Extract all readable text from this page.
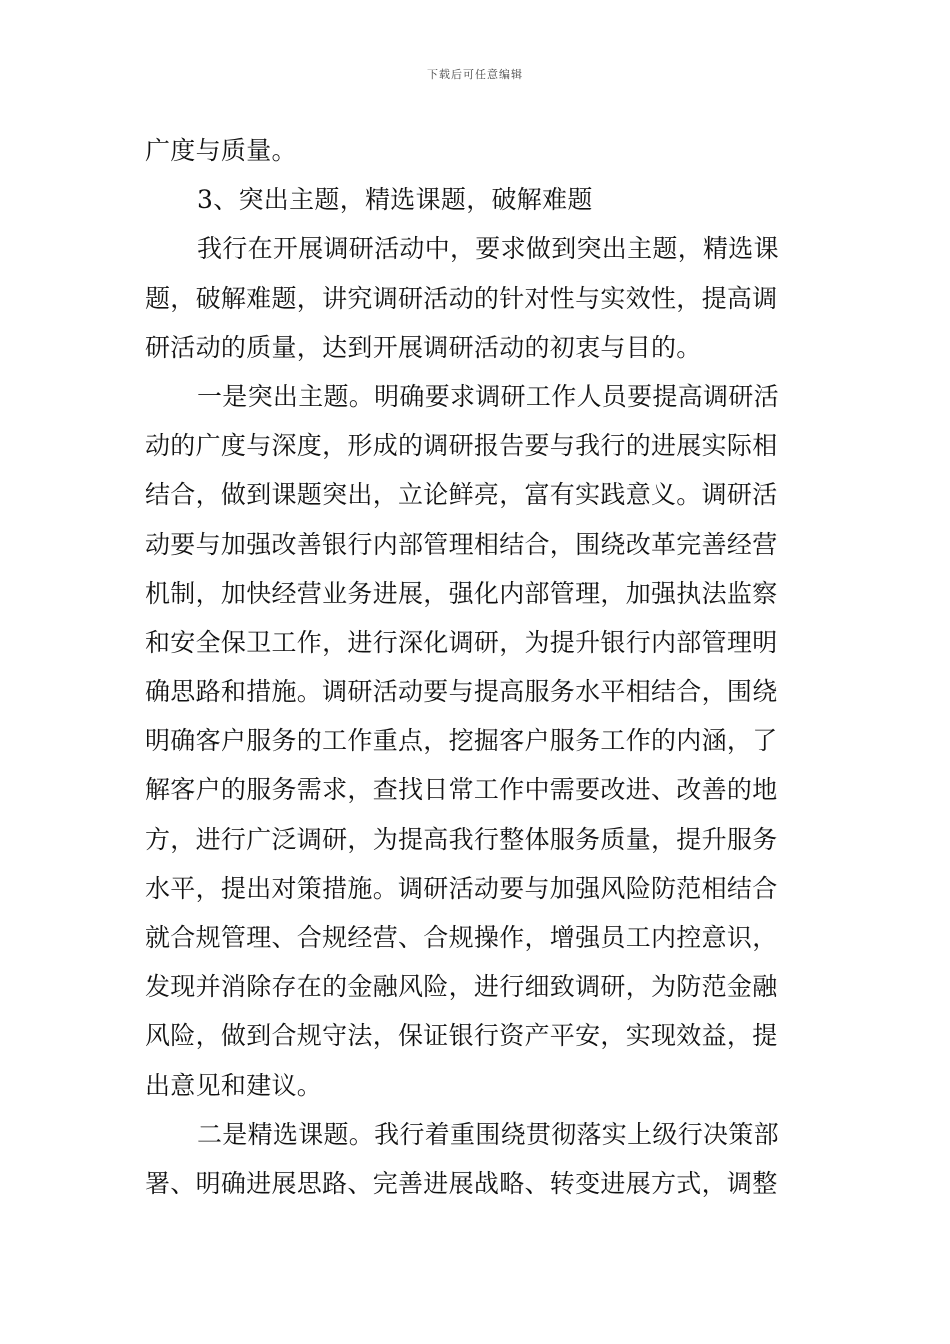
下载后可任意编辑
广度与质量。
3、突出主题，精选课题，破解难题
我行在开展调研活动中，要求做到突出主题，精选课
题，破解难题，讲究调研活动的针对性与实效性，提高调
研活动的质量，达到开展调研活动的初衷与目的。
一是突出主题。明确要求调研工作人员要提高调研活
动的广度与深度，形成的调研报告要与我行的进展实际相
结合，做到课题突出，立论鲜亮，富有实践意义。调研活
动要与加强改善银行内部管理相结合，围绕改革完善经营
机制，加快经营业务进展，强化内部管理，加强执法监察
和安全保卫工作，进行深化调研，为提升银行内部管理明
确思路和措施。调研活动要与提高服务水平相结合，围绕
明确客户服务的工作重点，挖掘客户服务工作的内涵，了
解客户的服务需求，查找日常工作中需要改进、改善的地
方，进行广泛调研，为提高我行整体服务质量，提升服务
水平，提出对策措施。调研活动要与加强风险防范相结合
就合规管理、合规经营、合规操作，增强员工内控意识，
发现并消除存在的金融风险，进行细致调研，为防范金融
风险，做到合规守法，保证银行资产平安，实现效益，提
出意见和建议。
二是精选课题。我行着重围绕贯彻落实上级行决策部
署、明确进展思路、完善进展战略、转变进展方式，调整
